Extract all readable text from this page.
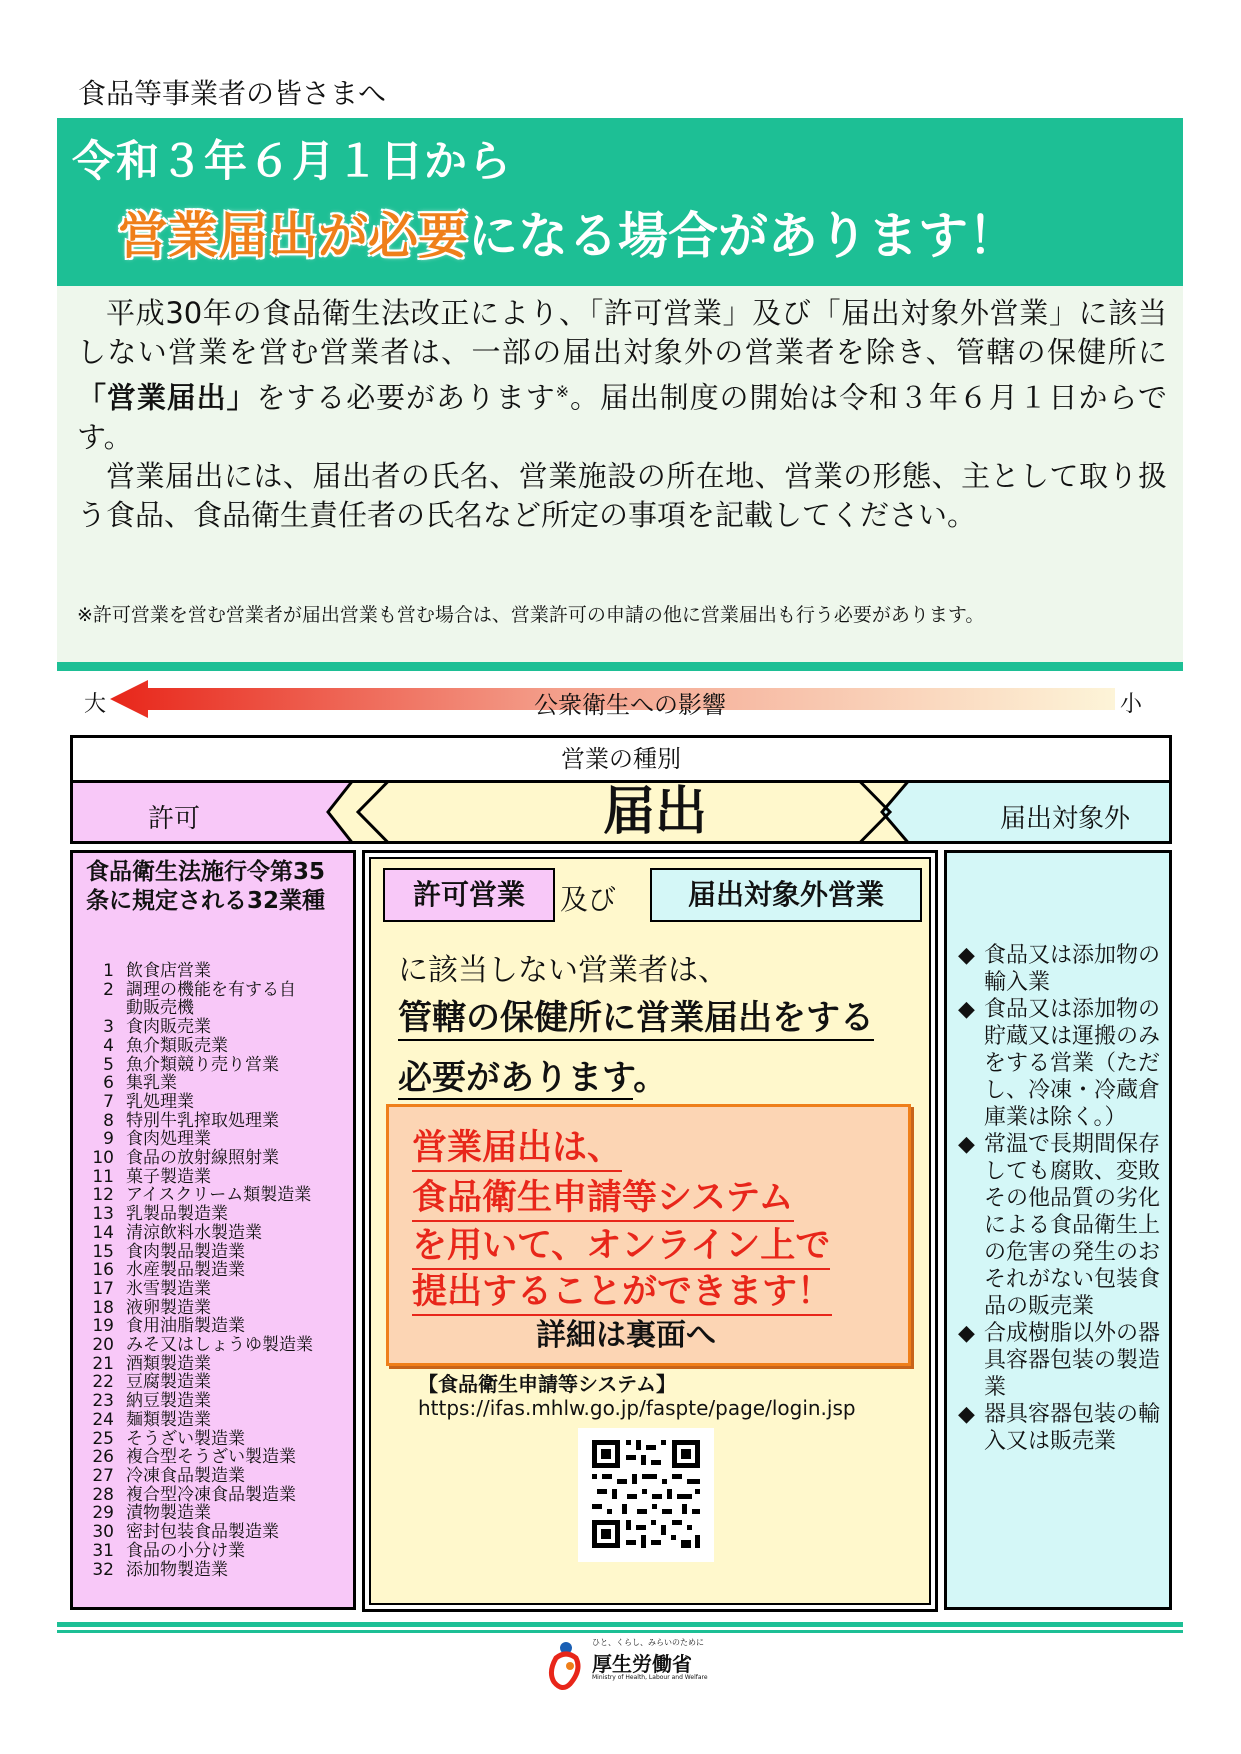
食品等事業者の皆さまへ
令和３年６月１日から
営業届出が必要になる場合があります！

平成30年の食品衛生法改正により、「許可営業」及び「届出対象外営業」に該当しない営業を営む営業者は、一部の届出対象外の営業者を除き、管轄の保健所に「営業届出」をする必要があります※。届出制度の開始は令和３年６月１日からです。

営業届出には、届出者の氏名、営業施設の所在地、営業の形態、主として取り扱う食品、食品衛生責任者の氏名など所定の事項を記載してください。

※許可営業を営む営業者が届出営業も営む場合は、営業許可の申請の他に営業届出も行う必要があります。
大	公衆衛生への影響	小
営業の種別
許可	届出	届出対象外
食品衛生法施行令第35条に規定される32業種
1 飲食店営業
2 調理の機能を有する自動販売機
3 食肉販売業
4 魚介類販売業
5 魚介類競り売り営業
6 集乳業
7 乳処理業
8 特別牛乳搾取処理業
9 食肉処理業
10 食品の放射線照射業
11 菓子製造業
12 アイスクリーム類製造業
13 乳製品製造業
14 清涼飲料水製造業
15 食肉製品製造業
16 水産製品製造業
17 氷雪製造業
18 液卵製造業
19 食用油脂製造業
20 みそ又はしょうゆ製造業
21 酒類製造業
22 豆腐製造業
23 納豆製造業
24 麺類製造業
25 そうざい製造業
26 複合型そうざい製造業
27 冷凍食品製造業
28 複合型冷凍食品製造業
29 漬物製造業
30 密封包装食品製造業
31 食品の小分け業
32 添加物製造業
許可営業	及び	届出対象外営業
に該当しない営業者は、
管轄の保健所に営業届出をする
必要があります。
営業届出は、
食品衛生申請等システム
を用いて、オンライン上で
提出することができます！
詳細は裏面へ
【食品衛生申請等システム】
https://ifas.mhlw.go.jp/faspte/page/login.jsp
◆ 食品又は添加物の輸入業
◆ 食品又は添加物の貯蔵又は運搬のみをする営業（ただし、冷凍・冷蔵倉庫業は除く。）
◆ 常温で長期間保存しても腐敗、変敗その他品質の劣化による食品衛生上の危害の発生のおそれがない包装食品の販売業
◆ 合成樹脂以外の器具容器包装の製造業
◆ 器具容器包装の輸入又は販売業
ひと、くらし、みらいのために
厚生労働省
Ministry of Health, Labour and Welfare
